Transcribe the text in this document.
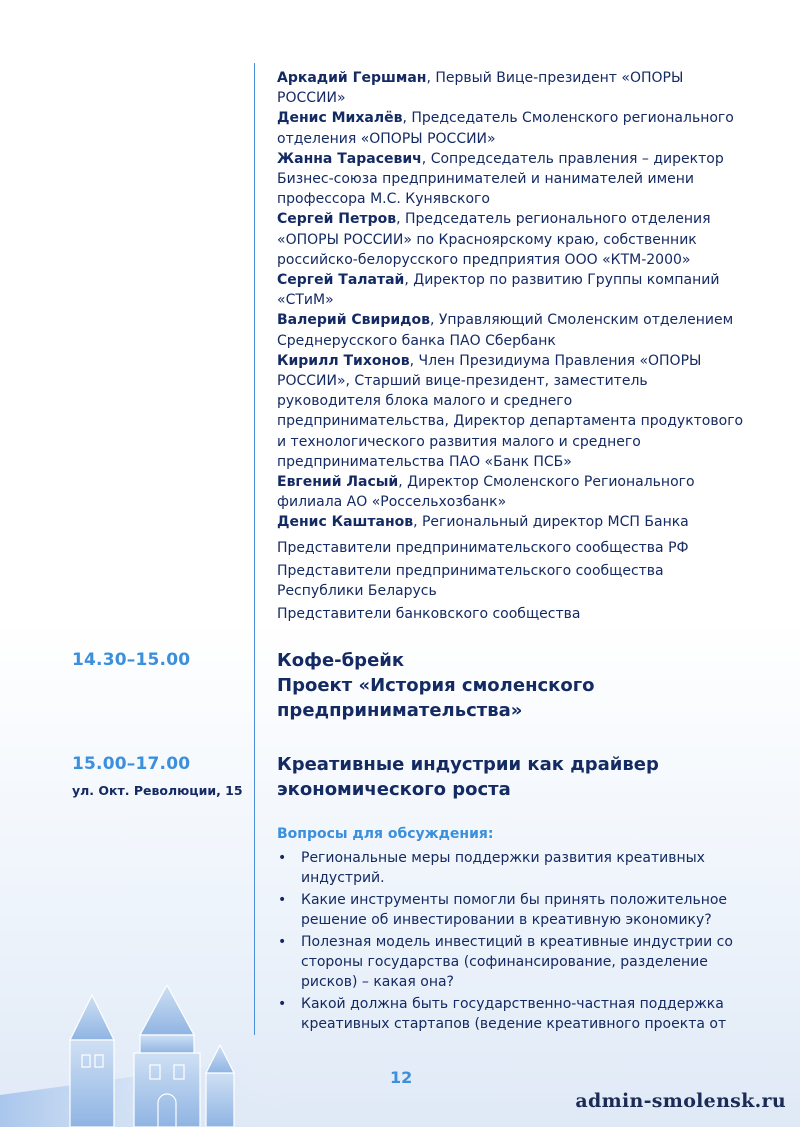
Аркадий Гершман, Первый Вице-президент «ОПОРЫ РОССИИ»

Денис Михалёв, Председатель Смоленского регионального отделения «ОПОРЫ РОССИИ»

Жанна Тарасевич, Сопредседатель правления – директор Бизнес-союза предпринимателей и нанимателей имени профессора М.С. Кунявского

Сергей Петров, Председатель регионального отделения «ОПОРЫ РОССИИ» по Красноярскому краю, собственник российско-белорусского предприятия ООО «КТМ-2000»

Сергей Талатай, Директор по развитию Группы компаний «СТиМ»

Валерий Свиридов, Управляющий Смоленским отделением Среднерусского банка ПАО Сбербанк

Кирилл Тихонов, Член Президиума Правления «ОПОРЫ РОССИИ», Старший вице-президент, заместитель руководителя блока малого и среднего предпринимательства, Директор департамента продуктового и технологического развития малого и среднего предпринимательства ПАО «Банк ПСБ»

Евгений Ласый, Директор Смоленского Регионального филиала АО «Россельхозбанк»

Денис Каштанов, Региональный директор МСП Банка

Представители предпринимательского сообщества РФ

Представители предпринимательского сообщества Республики Беларусь

Представители банковского сообщества

14.30–15.00	Кофе-брейк
Проект «История смоленского предпринимательства»

15.00–17.00
ул. Окт. Революции, 15

Креативные индустрии как драйвер экономического роста

Вопросы для обсуждения:
• Региональные меры поддержки развития креативных индустрий.
• Какие инструменты помогли бы принять положительное решение об инвестировании в креативную экономику?
• Полезная модель инвестиций в креативные индустрии со стороны государства (софинансирование, разделение рисков) – какая она?
• Какой должна быть государственно-частная поддержка креативных стартапов (ведение креативного проекта от
12
admin-smolensk.ru
